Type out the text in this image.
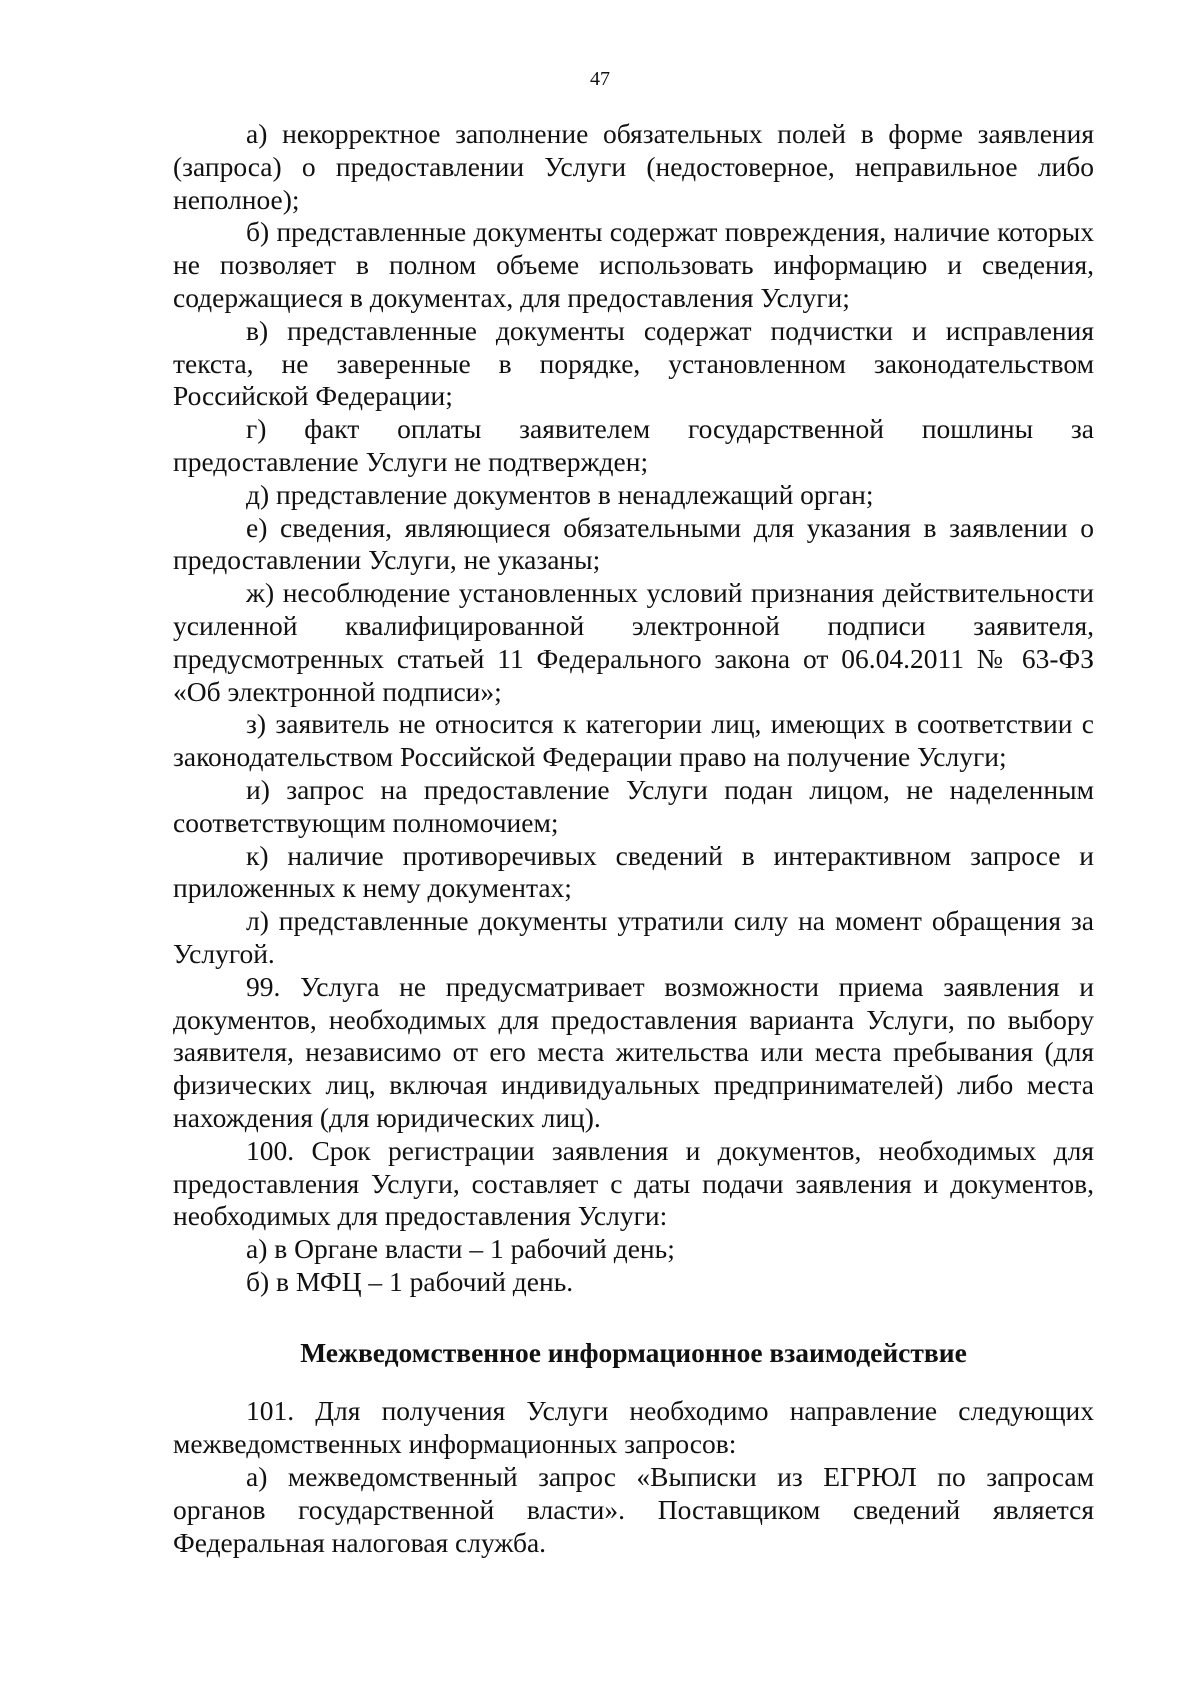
47

а) некорректное заполнение обязательных полей в форме заявления (запроса) о предоставлении Услуги (недостоверное, неправильное либо неполное);

б) представленные документы содержат повреждения, наличие которых не позволяет в полном объеме использовать информацию и сведения, содержащиеся в документах, для предоставления Услуги;

в) представленные документы содержат подчистки и исправления текста, не заверенные в порядке, установленном законодательством Российской Федерации;

г) факт оплаты заявителем государственной пошлины за предоставление Услуги не подтвержден;

д) представление документов в ненадлежащий орган;

е) сведения, являющиеся обязательными для указания в заявлении о предоставлении Услуги, не указаны;

ж) несоблюдение установленных условий признания действительности усиленной квалифицированной электронной подписи заявителя, предусмотренных статьей 11 Федерального закона от 06.04.2011 № 63-ФЗ «Об электронной подписи»;

з) заявитель не относится к категории лиц, имеющих в соответствии с законодательством Российской Федерации право на получение Услуги;

и) запрос на предоставление Услуги подан лицом, не наделенным соответствующим полномочием;

к) наличие противоречивых сведений в интерактивном запросе и приложенных к нему документах;

л) представленные документы утратили силу на момент обращения за Услугой.

99. Услуга не предусматривает возможности приема заявления и документов, необходимых для предоставления варианта Услуги, по выбору заявителя, независимо от его места жительства или места пребывания (для физических лиц, включая индивидуальных предпринимателей) либо места нахождения (для юридических лиц).

100. Срок регистрации заявления и документов, необходимых для предоставления Услуги, составляет с даты подачи заявления и документов, необходимых для предоставления Услуги:

а) в Органе власти – 1 рабочий день;

б) в МФЦ – 1 рабочий день.

Межведомственное информационное взаимодействие

101. Для получения Услуги необходимо направление следующих межведомственных информационных запросов:

а) межведомственный запрос «Выписки из ЕГРЮЛ по запросам органов государственной власти». Поставщиком сведений является Федеральная налоговая служба.
